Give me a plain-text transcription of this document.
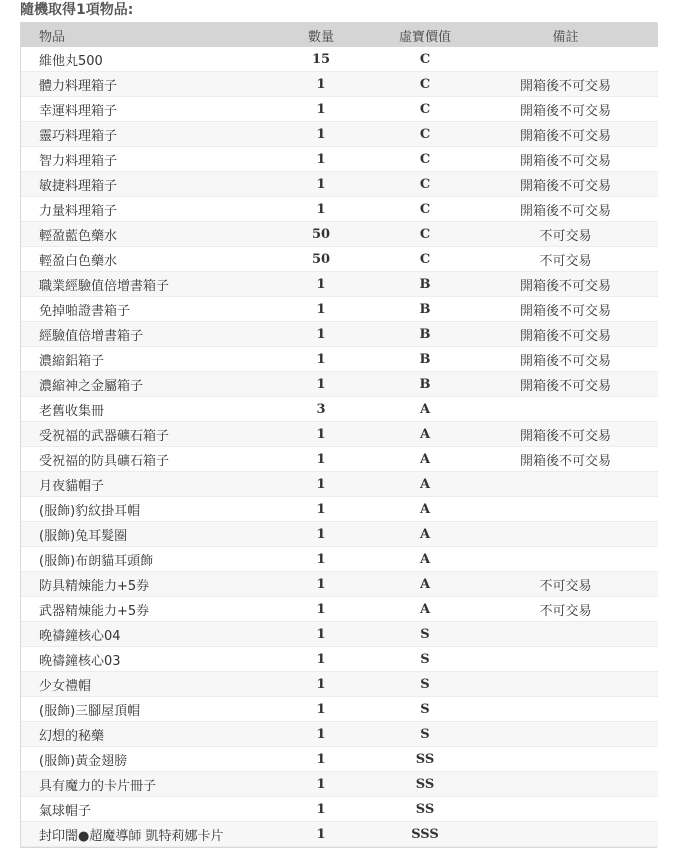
隨機取得1項物品:
物品	數量	虛寶價值	備註
維他丸500	15	C	
體力料理箱子	1	C	開箱後不可交易
幸運料理箱子	1	C	開箱後不可交易
靈巧料理箱子	1	C	開箱後不可交易
智力料理箱子	1	C	開箱後不可交易
敏捷料理箱子	1	C	開箱後不可交易
力量料理箱子	1	C	開箱後不可交易
輕盈藍色藥水	50	C	不可交易
輕盈白色藥水	50	C	不可交易
職業經驗值倍增書箱子	1	B	開箱後不可交易
免掉啪證書箱子	1	B	開箱後不可交易
經驗值倍增書箱子	1	B	開箱後不可交易
濃縮鋁箱子	1	B	開箱後不可交易
濃縮神之金屬箱子	1	B	開箱後不可交易
老舊收集冊	3	A	
受祝福的武器礦石箱子	1	A	開箱後不可交易
受祝福的防具礦石箱子	1	A	開箱後不可交易
月夜貓帽子	1	A	
(服飾)豹紋掛耳帽	1	A	
(服飾)兔耳髮圈	1	A	
(服飾)布朗貓耳頭飾	1	A	
防具精煉能力+5券	1	A	不可交易
武器精煉能力+5券	1	A	不可交易
晚禱鐘核心04	1	S	
晚禱鐘核心03	1	S	
少女禮帽	1	S	
(服飾)三腳屋頂帽	1	S	
幻想的秘藥	1	S	
(服飾)黃金翅膀	1	SS	
具有魔力的卡片冊子	1	SS	
氣球帽子	1	SS	
封印闇●超魔導師 凱特莉娜卡片	1	SSS	
